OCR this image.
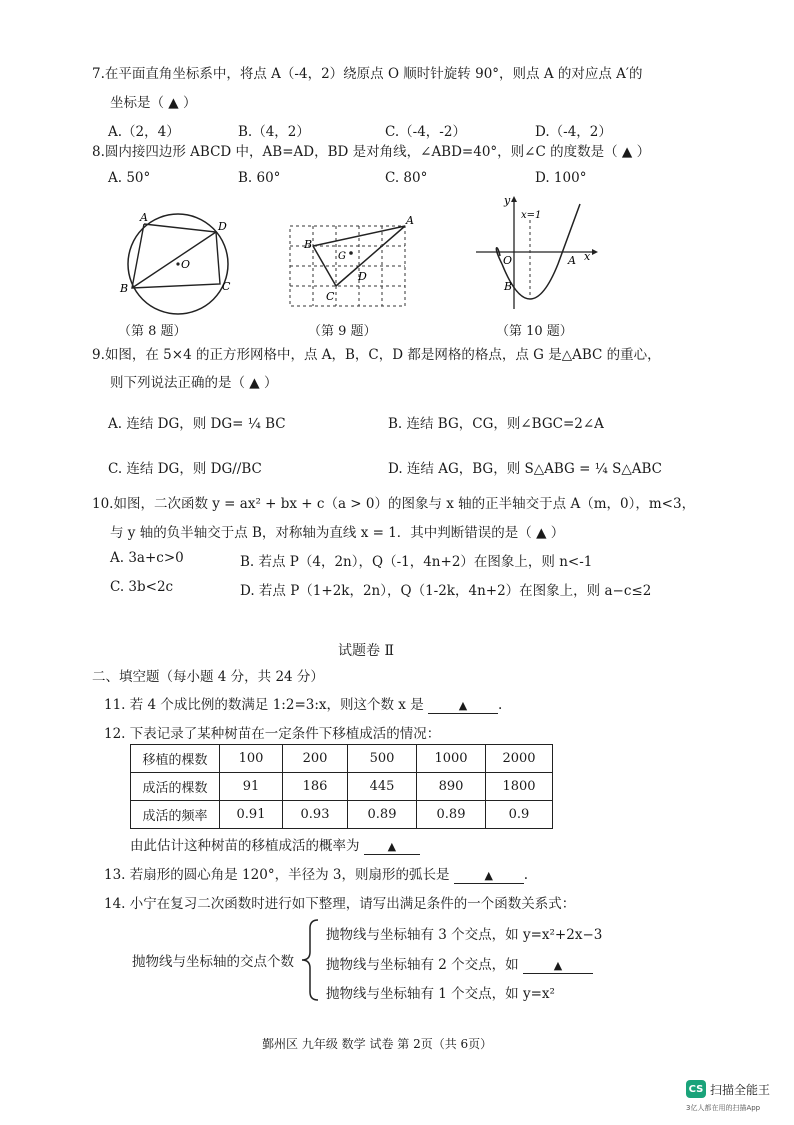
7.在平面直角坐标系中，将点 A（-4，2）绕原点 O 顺时针旋转 90°，则点 A 的对应点 A′的
坐标是（ ▲ ）
A.（2，4）	B.（4，2）	C.（-4，-2）	D.（-4，2）
8.圆内接四边形 ABCD 中，AB=AD，BD 是对角线，∠ABD=40°，则∠C 的度数是（ ▲ ）
A. 50°	B. 60°	C. 80°	D. 100°
A
D
O
B	C
（第 8 题）
A
B
G
D
C
（第 9 题）
y
x
x=1
O	A
B
（第 10 题）
9.如图，在 5×4 的正方形网格中，点 A，B，C，D 都是网格的格点，点 G 是△ABC 的重心，
则下列说法正确的是（ ▲ ）
A. 连结 DG，则 DG= ¼ BC	B. 连结 BG，CG，则∠BGC=2∠A
C. 连结 DG，则 DG//BC	D. 连结 AG，BG，则 S△ABG = ¼ S△ABC
10.如图，二次函数 y = ax² + bx + c（a > 0）的图象与 x 轴的正半轴交于点 A（m，0），m<3，
与 y 轴的负半轴交于点 B，对称轴为直线 x = 1．其中判断错误的是（ ▲ ）
A. 3a+c>0	B. 若点 P（4，2n），Q（-1，4n+2）在图象上，则 n<-1
C. 3b<2c	D. 若点 P（1+2k，2n），Q（1-2k，4n+2）在图象上，则 a−c≤2
试题卷 Ⅱ
二、填空题（每小题 4 分，共 24 分）
11. 若 4 个成比例的数满足 1:2=3:x，则这个数 x 是	▲ .
12. 下表记录了某种树苗在一定条件下移植成活的情况：
移植的棵数	100	200	500	1000	2000
成活的棵数	91	186	445	890	1800
成活的频率	0.91	0.93	0.89	0.89	0.9
由此估计这种树苗的移植成活的概率为	▲
13. 若扇形的圆心角是 120°，半径为 3，则扇形的弧长是	▲ .
14. 小宁在复习二次函数时进行如下整理，请写出满足条件的一个函数关系式：
抛物线与坐标轴的交点个数
抛物线与坐标轴有 3 个交点，如 y=x²+2x−3
抛物线与坐标轴有 2 个交点，如	▲
抛物线与坐标轴有 1 个交点，如 y=x²
鄞州区 九年级 数学 试卷 第 2页（共 6页）
CS 扫描全能王
3亿人都在用的扫描App
